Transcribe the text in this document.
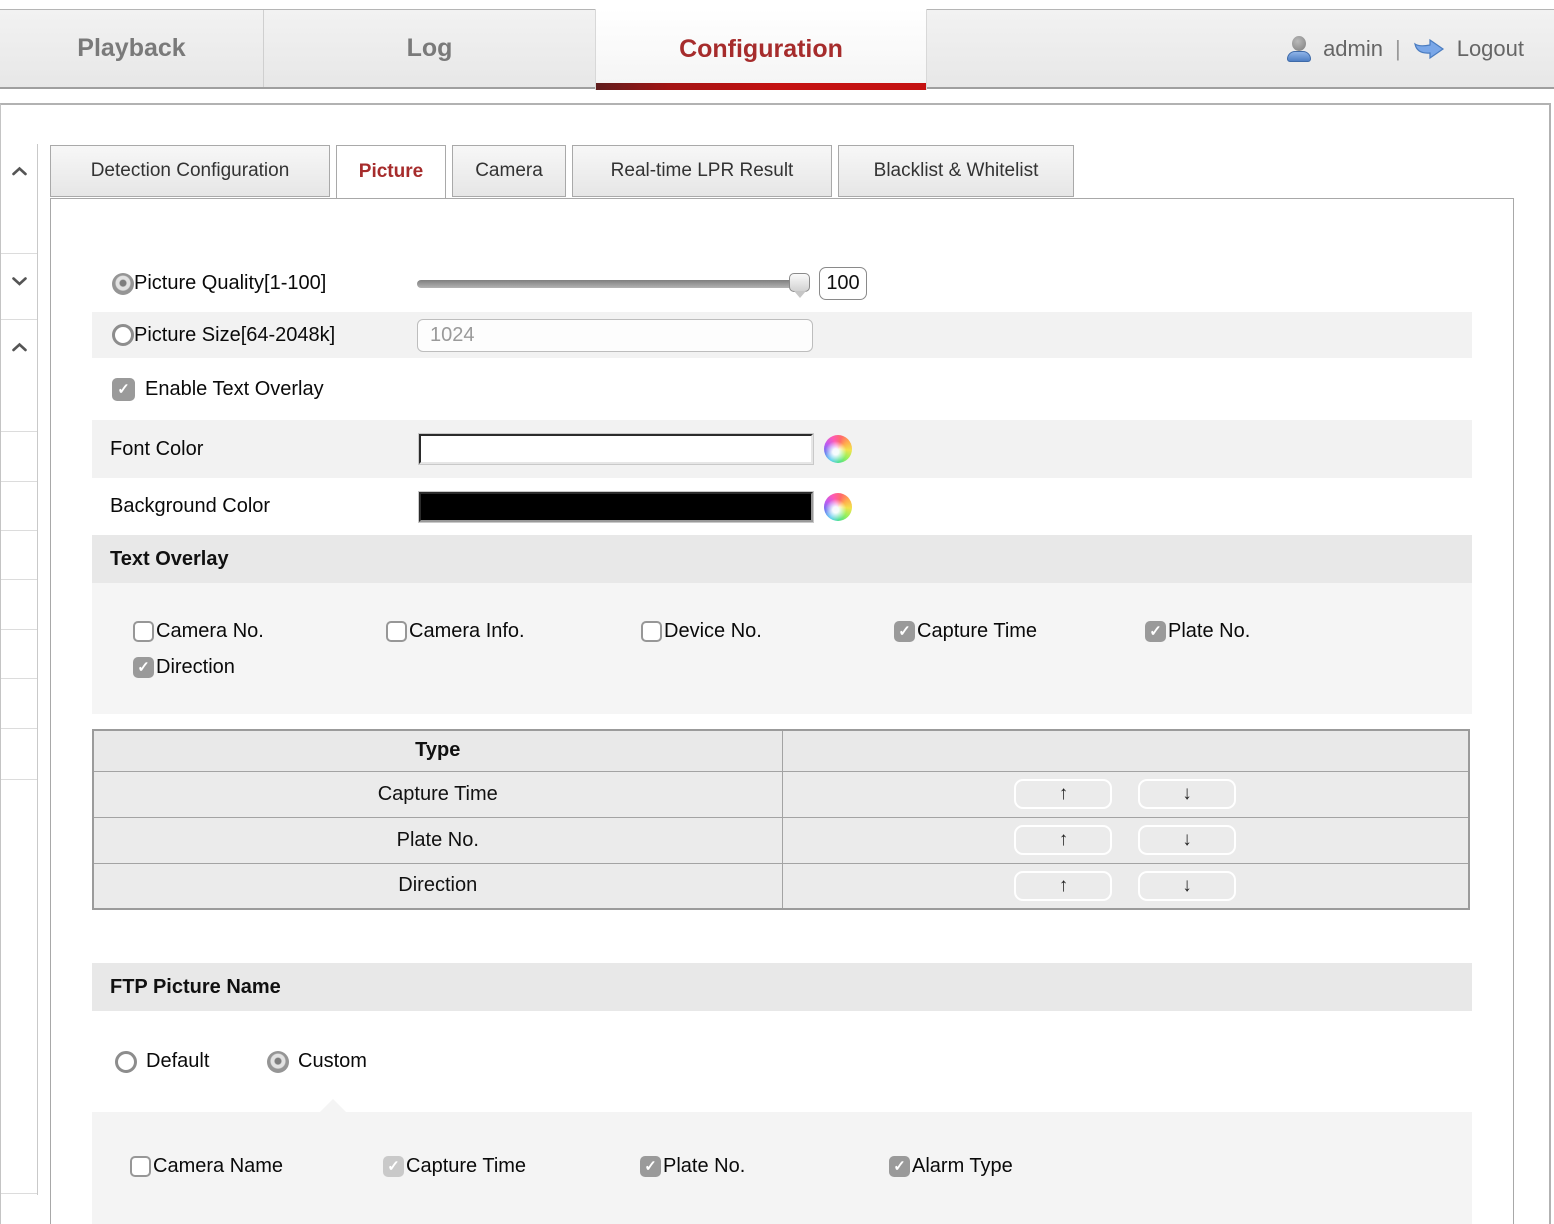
Playback	Log	Configuration	admin |	Logout
Detection Configuration	Picture	Camera	Real-time LPR Result	Blacklist & Whitelist
Picture Quality[1-100]	100
Picture Size[64-2048k]
1024
✓ Enable Text Overlay
Font Color
Background Color
Text Overlay
Camera No.	Camera Info.	Device No.	✓ Capture Time	✓ Plate No.
✓ Direction
Type	
Capture Time	↑ ↓
Plate No.	↑ ↓
Direction	↑ ↓
FTP Picture Name
Default	Custom
Camera Name	✓ Capture Time	✓ Plate No.	✓ Alarm Type
